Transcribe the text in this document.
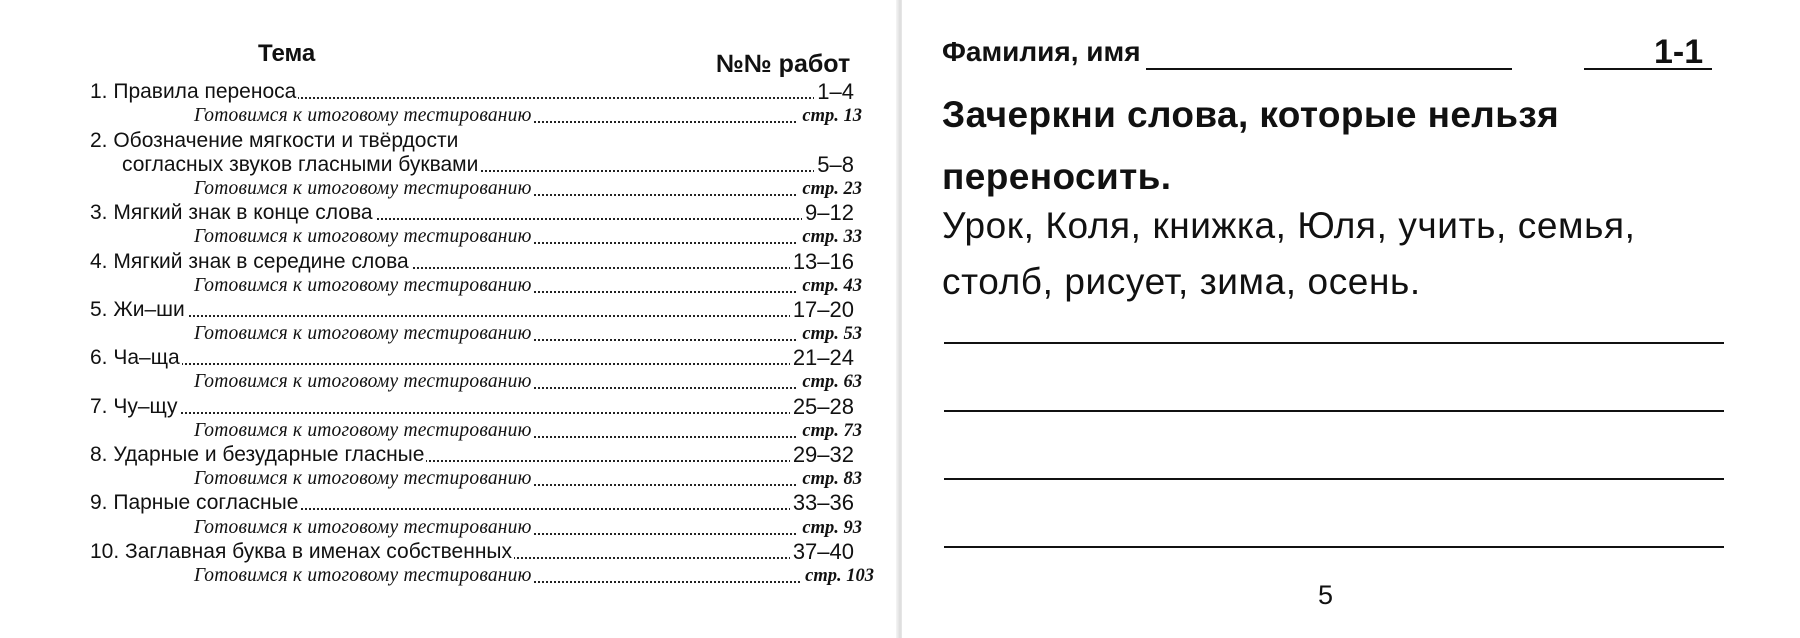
Тема	№№ работ
1. Правила переноса	1–4
Готовимся к итоговому тестированию	стр. 13
2. Обозначение мягкости и твёрдости
согласных звуков гласными буквами	5–8
Готовимся к итоговому тестированию	стр. 23
3. Мягкий знак в конце слова	9–12
Готовимся к итоговому тестированию	стр. 33
4. Мягкий знак в середине слова	13–16
Готовимся к итоговому тестированию	стр. 43
5. Жи–ши	17–20
Готовимся к итоговому тестированию	стр. 53
6. Ча–ща	21–24
Готовимся к итоговому тестированию	стр. 63
7. Чу–щу	25–28
Готовимся к итоговому тестированию	стр. 73
8. Ударные и безударные гласные	29–32
Готовимся к итоговому тестированию	стр. 83
9. Парные согласные	33–36
Готовимся к итоговому тестированию	стр. 93
10. Заглавная буква в именах собственных	37–40
Готовимся к итоговому тестированию	стр. 103
Фамилия, имя	1-1
Зачеркни слова, которые нельзя переносить.
Урок, Коля, книжка, Юля, учить, семья, столб, рисует, зима, осень.
5
